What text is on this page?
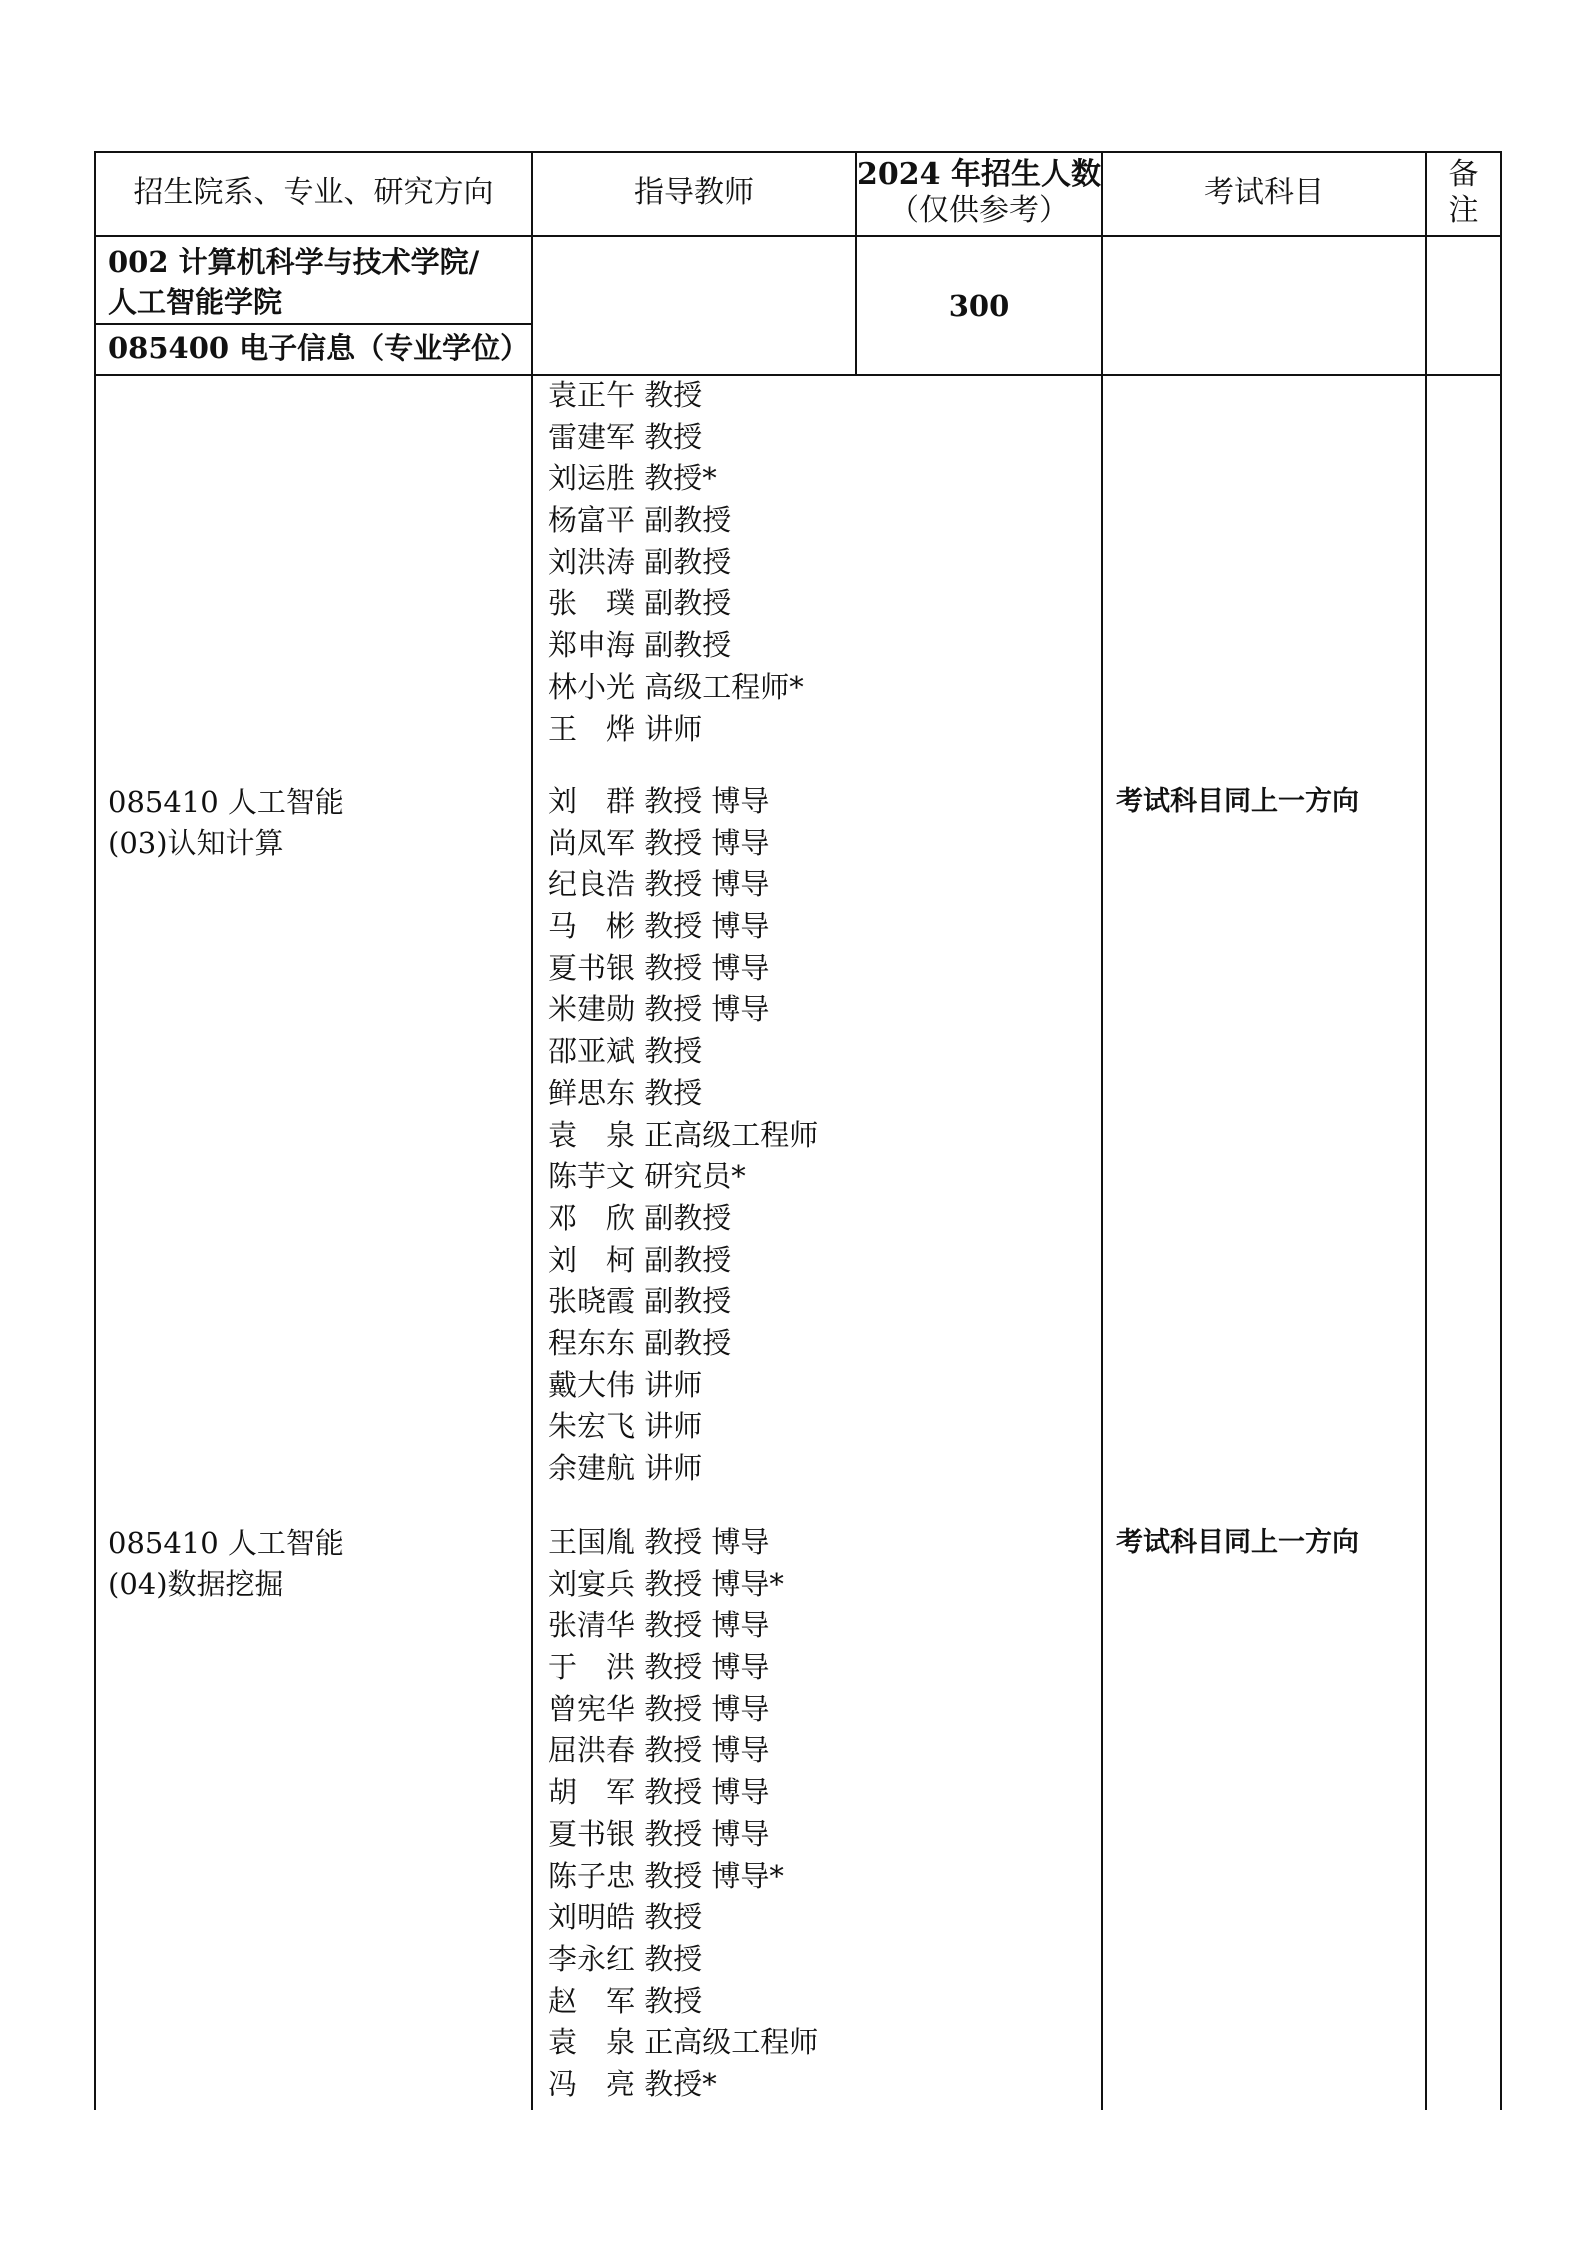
招生院系、专业、研究方向	指导教师
2024 年招生人数
（仅供参考）
考试科目
备
注
002 计算机科学与技术学院/
人工智能学院
085400 电子信息（专业学位）
300
袁正午 教授
雷建军 教授
刘运胜 教授*
杨富平 副教授
刘洪涛 副教授
张　璞 副教授
郑申海 副教授
林小光 高级工程师*
王　烨 讲师
085410 人工智能
(03)认知计算
考试科目同上一方向
刘　群 教授 博导
尚凤军 教授 博导
纪良浩 教授 博导
马　彬 教授 博导
夏书银 教授 博导
米建勋 教授 博导
邵亚斌 教授
鲜思东 教授
袁　泉 正高级工程师
陈芋文 研究员*
邓　欣 副教授
刘　柯 副教授
张晓霞 副教授
程东东 副教授
戴大伟 讲师
朱宏飞 讲师
余建航 讲师
085410 人工智能
(04)数据挖掘
考试科目同上一方向
王国胤 教授 博导
刘宴兵 教授 博导*
张清华 教授 博导
于　洪 教授 博导
曾宪华 教授 博导
屈洪春 教授 博导
胡　军 教授 博导
夏书银 教授 博导
陈子忠 教授 博导*
刘明皓 教授
李永红 教授
赵　军 教授
袁　泉 正高级工程师
冯　亮 教授*
